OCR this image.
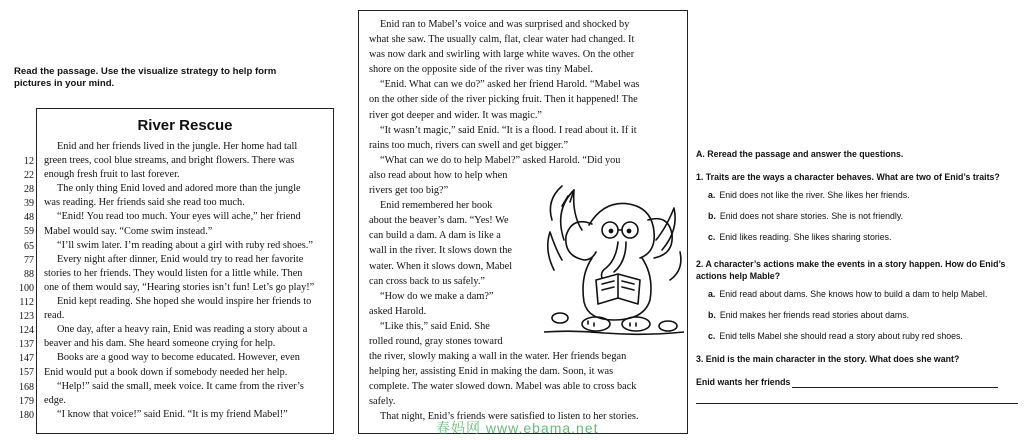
Read the passage. Use the visualize strategy to help form pictures in your mind.
River Rescue
Enid and her friends lived in the jungle. Her home had tall
green trees, cool blue streams, and bright flowers. There was
enough fresh fruit to last forever.
The only thing Enid loved and adored more than the jungle
was reading. Her friends said she read too much.
“Enid! You read too much. Your eyes will ache,” her friend
Mabel would say. “Come swim instead.”
“I’ll swim later. I’m reading about a girl with ruby red shoes.”
Every night after dinner, Enid would try to read her favorite
stories to her friends. They would listen for a little while. Then
one of them would say, “Hearing stories isn’t fun! Let’s go play!”
Enid kept reading. She hoped she would inspire her friends to
read.
One day, after a heavy rain, Enid was reading a story about a
beaver and his dam. She heard someone crying for help.
Books are a good way to become educated. However, even
Enid would put a book down if somebody needed her help.
“Help!” said the small, meek voice. It came from the river’s
edge.
“I know that voice!” said Enid. “It is my friend Mabel!”
12
22
28
39
48
59
65
77
88
100
112
123
124
137
147
157
168
179
180
Enid ran to Mabel’s voice and was surprised and shocked by
what she saw. The usually calm, flat, clear water had changed. It
was now dark and swirling with large white waves. On the other
shore on the opposite side of the river was tiny Mabel.
“Enid. What can we do?” asked her friend Harold. “Mabel was
on the other side of the river picking fruit. Then it happened! The
river got deeper and wider. It was magic.”
“It wasn’t magic,” said Enid. “It is a flood. I read about it. If it
rains too much, rivers can swell and get bigger.”
“What can we do to help Mabel?” asked Harold. “Did you
also read about how to help when
rivers get too big?”
Enid remembered her book
about the beaver’s dam. “Yes! We
can build a dam. A dam is like a
wall in the river. It slows down the
water. When it slows down, Mabel
can cross back to us safely.”
“How do we make a dam?”
asked Harold.
“Like this,” said Enid. She
rolled round, gray stones toward
the river, slowly making a wall in the water. Her friends began
helping her, assisting Enid in making the dam. Soon, it was
complete. The water slowed down. Mabel was able to cross back
safely.
That night, Enid’s friends were satisfied to listen to her stories.
A. Reread the passage and answer the questions.
1. Traits are the ways a character behaves. What are two of Enid’s traits?
a. Enid does not like the river. She likes her friends.
b. Enid does not share stories. She is not friendly.
c. Enid likes reading. She likes sharing stories.
2. A character’s actions make the events in a story happen. How do Enid’s actions help Mable?
a. Enid read about dams. She knows how to build a dam to help Mabel.
b. Enid makes her friends read stories about dams.
c. Enid tells Mabel she should read a story about ruby red shoes.
3. Enid is the main character in the story. What does she want?
Enid wants her friends
春妈网 www.ebama.net
